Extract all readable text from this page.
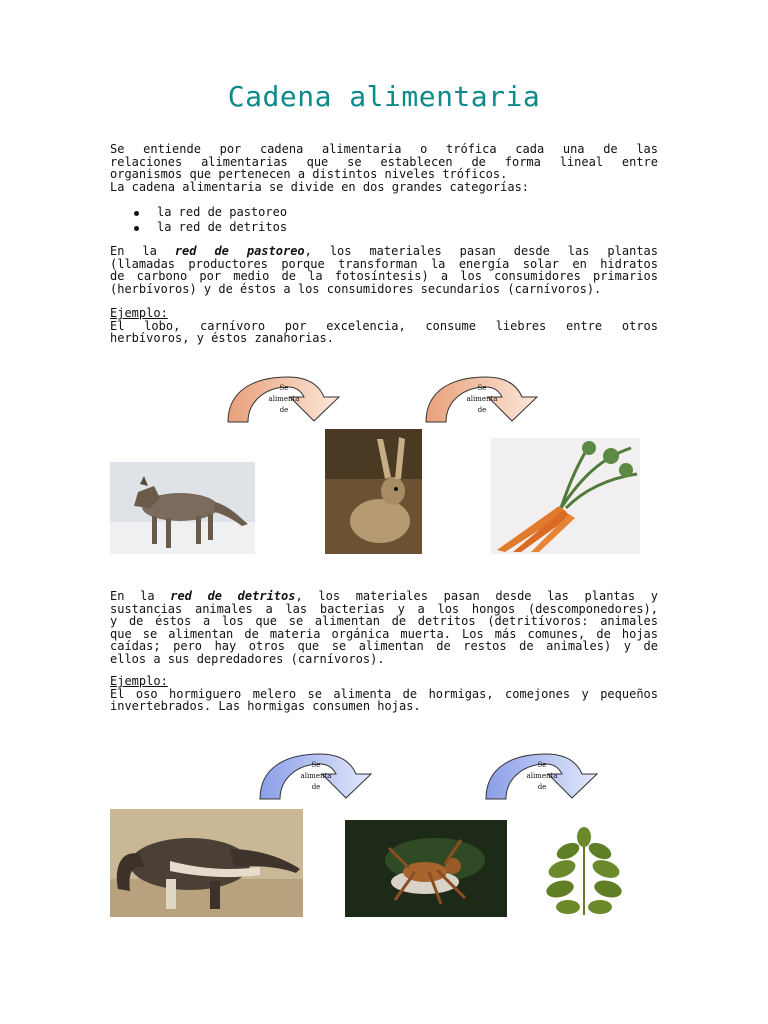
Cadena alimentaria
Se entiende por cadena alimentaria o trófica cada una de las
relaciones alimentarias que se establecen de forma lineal entre
organismos que pertenecen a distintos niveles tróficos.
La cadena alimentaria se divide en dos grandes categorías:
la red de pastoreo
la red de detritos
En la red de pastoreo, los materiales pasan desde las plantas
(llamadas productores porque transforman la energía solar en hidratos
de carbono por medio de la fotosíntesis) a los consumidores primarios
(herbívoros) y de éstos a los consumidores secundarios (carnívoros).
Ejemplo:
El lobo, carnívoro por excelencia, consume liebres entre otros
herbívoros, y éstos zanahorias.
Se
alimenta
de
Se
alimenta
de
En la red de detritos, los materiales pasan desde las plantas y
sustancias animales a las bacterias y a los hongos (descomponedores),
y de éstos a los que se alimentan de detritos (detritívoros: animales
que se alimentan de materia orgánica muerta. Los más comunes, de hojas
caídas; pero hay otros que se alimentan de restos de animales) y de
ellos a sus depredadores (carnívoros).
Ejemplo:
El oso hormiguero melero se alimenta de hormigas, comejones y pequeños
invertebrados. Las hormigas consumen hojas.
Se
alimenta
de
Se
alimenta
de
